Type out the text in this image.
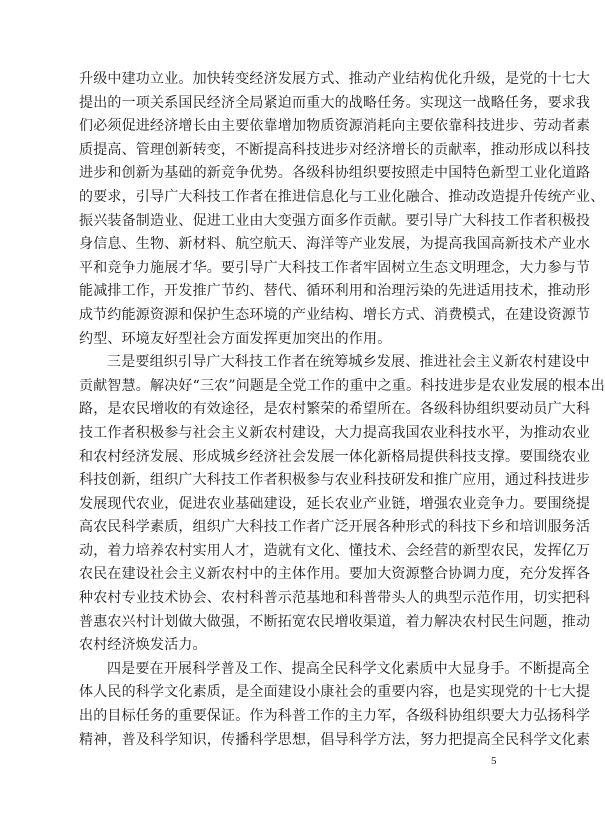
升级中建功立业。加快转变经济发展方式、推动产业结构优化升级，是党的十七大
提出的一项关系国民经济全局紧迫而重大的战略任务。实现这一战略任务，要求我
们必须促进经济增长由主要依靠增加物质资源消耗向主要依靠科技进步、劳动者素
质提高、管理创新转变，不断提高科技进步对经济增长的贡献率，推动形成以科技
进步和创新为基础的新竞争优势。各级科协组织要按照走中国特色新型工业化道路
的要求，引导广大科技工作者在推进信息化与工业化融合、推动改造提升传统产业、
振兴装备制造业、促进工业由大变强方面多作贡献。要引导广大科技工作者积极投
身信息、生物、新材料、航空航天、海洋等产业发展，为提高我国高新技术产业水
平和竞争力施展才华。要引导广大科技工作者牢固树立生态文明理念，大力参与节
能减排工作，开发推广节约、替代、循环利用和治理污染的先进适用技术，推动形
成节约能源资源和保护生态环境的产业结构、增长方式、消费模式，在建设资源节
约型、环境友好型社会方面发挥更加突出的作用。
三是要组织引导广大科技工作者在统筹城乡发展、推进社会主义新农村建设中
贡献智慧。解决好“三农”问题是全党工作的重中之重。科技进步是农业发展的根本出
路，是农民增收的有效途径，是农村繁荣的希望所在。各级科协组织要动员广大科
技工作者积极参与社会主义新农村建设，大力提高我国农业科技水平，为推动农业
和农村经济发展、形成城乡经济社会发展一体化新格局提供科技支撑。要围绕农业
科技创新，组织广大科技工作者积极参与农业科技研发和推广应用，通过科技进步
发展现代农业，促进农业基础建设，延长农业产业链，增强农业竞争力。要围绕提
高农民科学素质，组织广大科技工作者广泛开展各种形式的科技下乡和培训服务活
动，着力培养农村实用人才，造就有文化、懂技术、会经营的新型农民，发挥亿万
农民在建设社会主义新农村中的主体作用。要加大资源整合协调力度，充分发挥各
种农村专业技术协会、农村科普示范基地和科普带头人的典型示范作用，切实把科
普惠农兴村计划做大做强，不断拓宽农民增收渠道，着力解决农村民生问题，推动
农村经济焕发活力。
四是要在开展科学普及工作、提高全民科学文化素质中大显身手。不断提高全
体人民的科学文化素质，是全面建设小康社会的重要内容，也是实现党的十七大提
出的目标任务的重要保证。作为科普工作的主力军，各级科协组织要大力弘扬科学
精神，普及科学知识，传播科学思想，倡导科学方法，努力把提高全民科学文化素
5
